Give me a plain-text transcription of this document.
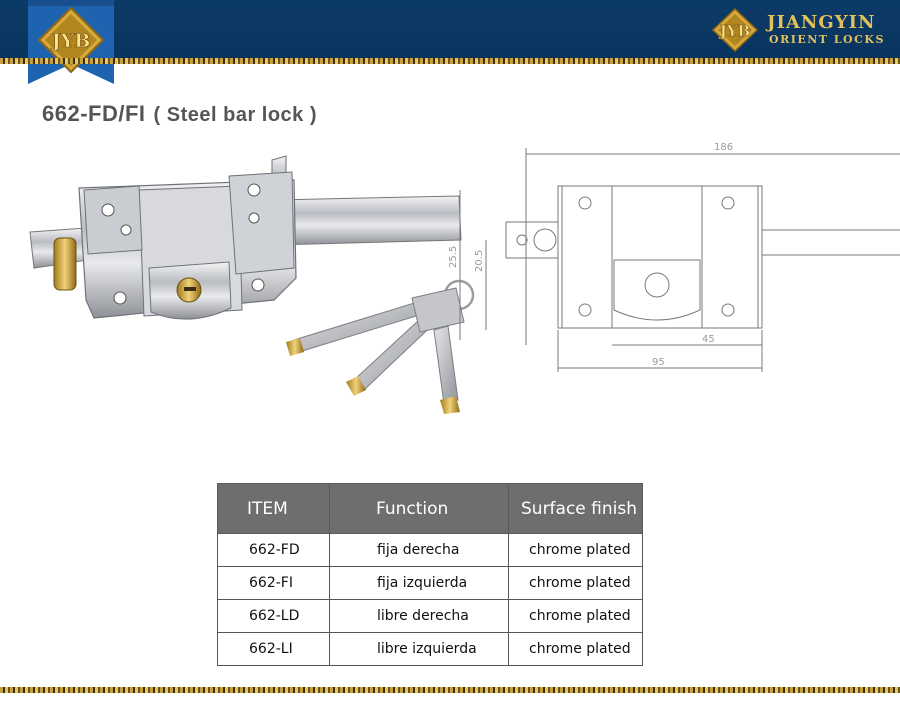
JYB	JYB JIANGYIN
ORIENT LOCKS
662-FD/FI ( Steel bar lock )
186
25.5 20.5
45
95
ITEM	Function	Surface finish
662-FD	fija derecha	chrome plated
662-FI	fija izquierda	chrome plated
662-LD	libre derecha	chrome plated
662-LI	libre izquierda	chrome plated
